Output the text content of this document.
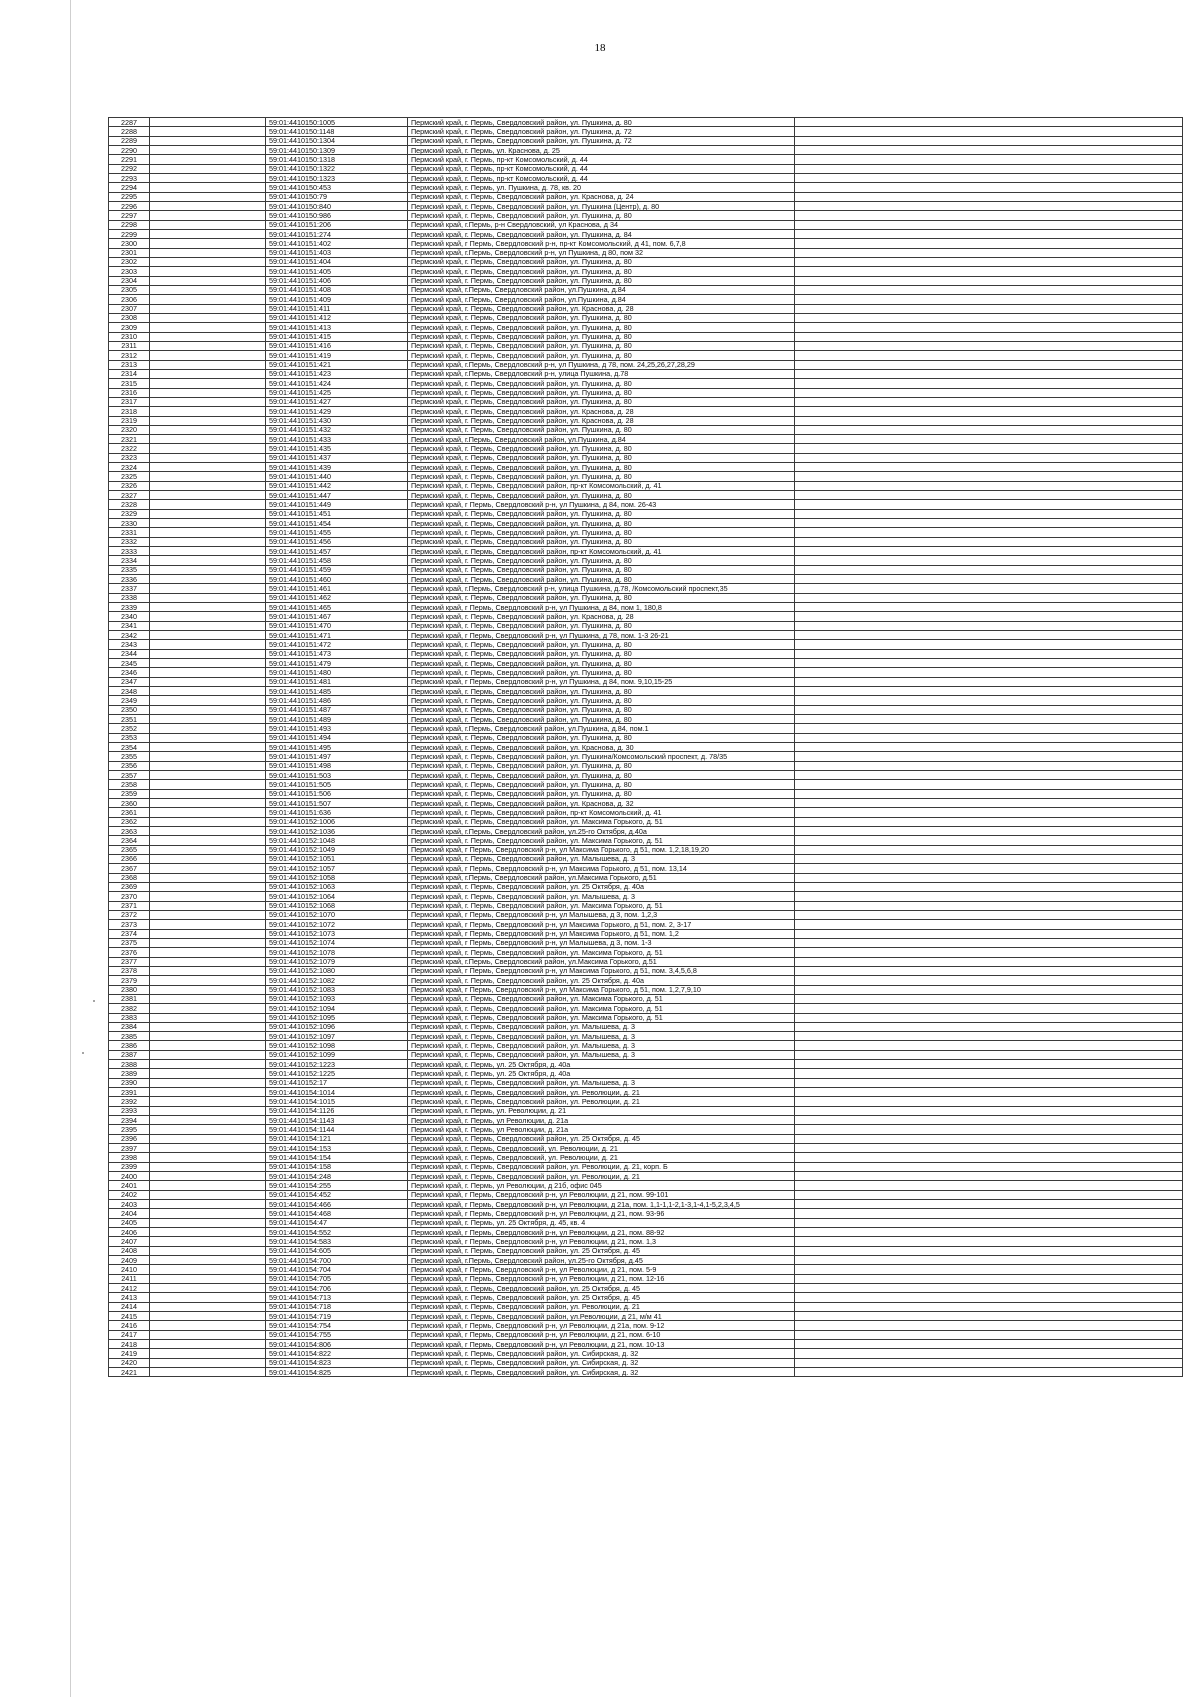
18
2287		59:01:4410150:1005	Пермский край, г. Пермь, Свердловский район, ул. Пушкина, д. 80	
2288		59:01:4410150:1148	Пермский край, г. Пермь, Свердловский район, ул. Пушкина, д. 72	
2289		59:01:4410150:1304	Пермский край, г. Пермь, Свердловский район, ул. Пушкина, д. 72	
2290		59:01:4410150:1309	Пермский край, г. Пермь, ул. Краснова, д. 25	
2291		59:01:4410150:1318	Пермский край, г. Пермь, пр-кт Комсомольский, д. 44	
2292		59:01:4410150:1322	Пермский край, г. Пермь, пр-кт Комсомольский, д. 44	
2293		59:01:4410150:1323	Пермский край, г. Пермь, пр-кт Комсомольский, д. 44	
2294		59:01:4410150:453	Пермский край, г. Пермь, ул. Пушкина, д. 78, кв. 20	
2295		59:01:4410150:79	Пермский край, г. Пермь, Свердловский район, ул. Краснова, д. 24	
2296		59:01:4410150:840	Пермский край, г. Пермь, Свердловский район, ул. Пушкина (Центр), д. 80	
2297		59:01:4410150:986	Пермский край, г. Пермь, Свердловский район, ул. Пушкина, д. 80	
2298		59:01:4410151:206	Пермский край, г.Пермь, р-н Свердловский, ул Краснова, д 34	
2299		59:01:4410151:274	Пермский край, г. Пермь, Свердловский район, ул. Пушкина, д. 84	
2300		59:01:4410151:402	Пермский край, г Пермь, Свердловский р-н, пр-кт Комсомольский, д 41, пом. 6,7,8	
2301		59:01:4410151:403	Пермский край, г.Пермь, Свердловский р-н, ул Пушкина, д 80, пом 32	
2302		59:01:4410151:404	Пермский край, г. Пермь, Свердловский район, ул. Пушкина, д. 80	
2303		59:01:4410151:405	Пермский край, г. Пермь, Свердловский район, ул. Пушкина, д. 80	
2304		59:01:4410151:406	Пермский край, г. Пермь, Свердловский район, ул. Пушкина, д. 80	
2305		59:01:4410151:408	Пермский край, г.Пермь, Свердловский район, ул.Пушкина, д.84	
2306		59:01:4410151:409	Пермский край, г.Пермь, Свердловский район, ул.Пушкина, д.84	
2307		59:01:4410151:411	Пермский край, г. Пермь, Свердловский район, ул. Краснова, д. 28	
2308		59:01:4410151:412	Пермский край, г. Пермь, Свердловский район, ул. Пушкина, д. 80	
2309		59:01:4410151:413	Пермский край, г. Пермь, Свердловский район, ул. Пушкина, д. 80	
2310		59:01:4410151:415	Пермский край, г. Пермь, Свердловский район, ул. Пушкина, д. 80	
2311		59:01:4410151:416	Пермский край, г. Пермь, Свердловский район, ул. Пушкина, д. 80	
2312		59:01:4410151:419	Пермский край, г. Пермь, Свердловский район, ул. Пушкина, д. 80	
2313		59:01:4410151:421	Пермский край, г.Пермь, Свердловский р-н, ул Пушкина, д 78, пом. 24,25,26,27,28,29	
2314		59:01:4410151:423	Пермский край, г.Пермь, Свердловский р-н, улица Пушкина, д.78	
2315		59:01:4410151:424	Пермский край, г. Пермь, Свердловский район, ул. Пушкина, д. 80	
2316		59:01:4410151:425	Пермский край, г. Пермь, Свердловский район, ул. Пушкина, д. 80	
2317		59:01:4410151:427	Пермский край, г. Пермь, Свердловский район, ул. Пушкина, д. 80	
2318		59:01:4410151:429	Пермский край, г. Пермь, Свердловский район, ул. Краснова, д. 28	
2319		59:01:4410151:430	Пермский край, г. Пермь, Свердловский район, ул. Краснова, д. 28	
2320		59:01:4410151:432	Пермский край, г. Пермь, Свердловский район, ул. Пушкина, д. 80	
2321		59:01:4410151:433	Пермский край, г.Пермь, Свердловский район, ул.Пушкина, д.84	
2322		59:01:4410151:435	Пермский край, г. Пермь, Свердловский район, ул. Пушкина, д. 80	
2323		59:01:4410151:437	Пермский край, г. Пермь, Свердловский район, ул. Пушкина, д. 80	
2324		59:01:4410151:439	Пермский край, г. Пермь, Свердловский район, ул. Пушкина, д. 80	
2325		59:01:4410151:440	Пермский край, г. Пермь, Свердловский район, ул. Пушкина, д. 80	
2326		59:01:4410151:442	Пермский край, г. Пермь, Свердловский район, пр-кт Комсомольский, д. 41	
2327		59:01:4410151:447	Пермский край, г. Пермь, Свердловский район, ул. Пушкина, д. 80	
2328		59:01:4410151:449	Пермский край, г Пермь, Свердловский р-н, ул Пушкина, д 84, пом. 26-43	
2329		59:01:4410151:451	Пермский край, г. Пермь, Свердловский район, ул. Пушкина, д. 80	
2330		59:01:4410151:454	Пермский край, г. Пермь, Свердловский район, ул. Пушкина, д. 80	
2331		59:01:4410151:455	Пермский край, г. Пермь, Свердловский район, ул. Пушкина, д. 80	
2332		59:01:4410151:456	Пермский край, г. Пермь, Свердловский район, ул. Пушкина, д. 80	
2333		59:01:4410151:457	Пермский край, г. Пермь, Свердловский район, пр-кт Комсомольский, д. 41	
2334		59:01:4410151:458	Пермский край, г. Пермь, Свердловский район, ул. Пушкина, д. 80	
2335		59:01:4410151:459	Пермский край, г. Пермь, Свердловский район, ул. Пушкина, д. 80	
2336		59:01:4410151:460	Пермский край, г. Пермь, Свердловский район, ул. Пушкина, д. 80	
2337		59:01:4410151:461	Пермский край, г.Пермь, Свердловский р-н, улица Пушкина, д.78, /Комсомольский проспект,35	
2338		59:01:4410151:462	Пермский край, г. Пермь, Свердловский район, ул. Пушкина, д. 80	
2339		59:01:4410151:465	Пермский край, г Пермь, Свердловский р-н, ул Пушкина, д 84, пом 1, 180,8	
2340		59:01:4410151:467	Пермский край, г. Пермь, Свердловский район, ул. Краснова, д. 28	
2341		59:01:4410151:470	Пермский край, г. Пермь, Свердловский район, ул. Пушкина, д. 80	
2342		59:01:4410151:471	Пермский край, г Пермь, Свердловский р-н, ул Пушкина, д 78, пом. 1-3 26-21	
2343		59:01:4410151:472	Пермский край, г. Пермь, Свердловский район, ул. Пушкина, д. 80	
2344		59:01:4410151:473	Пермский край, г. Пермь, Свердловский район, ул. Пушкина, д. 80	
2345		59:01:4410151:479	Пермский край, г. Пермь, Свердловский район, ул. Пушкина, д. 80	
2346		59:01:4410151:480	Пермский край, г. Пермь, Свердловский район, ул. Пушкина, д. 80	
2347		59:01:4410151:481	Пермский край, г Пермь, Свердловский р-н, ул Пушкина, д 84, пом. 9,10,15-25	
2348		59:01:4410151:485	Пермский край, г. Пермь, Свердловский район, ул. Пушкина, д. 80	
2349		59:01:4410151:486	Пермский край, г. Пермь, Свердловский район, ул. Пушкина, д. 80	
2350		59:01:4410151:487	Пермский край, г. Пермь, Свердловский район, ул. Пушкина, д. 80	
2351		59:01:4410151:489	Пермский край, г. Пермь, Свердловский район, ул. Пушкина, д. 80	
2352		59:01:4410151:493	Пермский край, г.Пермь, Свердловский район, ул.Пушкина, д.84, пом.1	
2353		59:01:4410151:494	Пермский край, г. Пермь, Свердловский район, ул. Пушкина, д. 80	
2354		59:01:4410151:495	Пермский край, г. Пермь, Свердловский район, ул. Краснова, д. 30	
2355		59:01:4410151:497	Пермский край, г. Пермь, Свердловский район, ул. Пушкина/Комсомольский проспект, д. 78/35	
2356		59:01:4410151:498	Пермский край, г. Пермь, Свердловский район, ул. Пушкина, д. 80	
2357		59:01:4410151:503	Пермский край, г. Пермь, Свердловский район, ул. Пушкина, д. 80	
2358		59:01:4410151:505	Пермский край, г. Пермь, Свердловский район, ул. Пушкина, д. 80	
2359		59:01:4410151:506	Пермский край, г. Пермь, Свердловский район, ул. Пушкина, д. 80	
2360		59:01:4410151:507	Пермский край, г. Пермь, Свердловский район, ул. Краснова, д. 32	
2361		59:01:4410151:636	Пермский край, г. Пермь, Свердловский район, пр-кт Комсомольский, д. 41	
2362		59:01:4410152:1006	Пермский край, г. Пермь, Свердловский район, ул. Максима Горького, д. 51	
2363		59:01:4410152:1036	Пермский край, г.Пермь, Свердловский район, ул.25-го Октября, д.40а	
2364		59:01:4410152:1048	Пермский край, г. Пермь, Свердловский район, ул. Максима Горького, д. 51	
2365		59:01:4410152:1049	Пермский край, г Пермь, Свердловский р-н, ул Максима Горького, д 51, пом. 1,2,18,19,20	
2366		59:01:4410152:1051	Пермский край, г. Пермь, Свердловский район, ул. Малышева, д. 3	
2367		59:01:4410152:1057	Пермский край, г Пермь, Свердловский р-н, ул Максима Горького, д 51, пом. 13,14	
2368		59:01:4410152:1058	Пермский край, г.Пермь, Свердловский район, ул.Максима Горького, д.51	
2369		59:01:4410152:1063	Пермский край, г. Пермь, Свердловский район, ул. 25 Октября, д. 40а	
2370		59:01:4410152:1064	Пермский край, г. Пермь, Свердловский район, ул. Малышева, д. 3	
2371		59:01:4410152:1068	Пермский край, г. Пермь, Свердловский район, ул. Максима Горького, д. 51	
2372		59:01:4410152:1070	Пермский край, г Пермь, Свердловский р-н, ул Малышева, д 3, пом. 1,2,3	
2373		59:01:4410152:1072	Пермский край, г Пермь, Свердловский р-н, ул Максима Горького, д 51, пом. 2, 3-17	
2374		59:01:4410152:1073	Пермский край, г Пермь, Свердловский р-н, ул Максима Горького, д 51, пом. 1,2	
2375		59:01:4410152:1074	Пермский край, г Пермь, Свердловский р-н, ул Малышева, д 3, пом. 1-3	
2376		59:01:4410152:1078	Пермский край, г. Пермь, Свердловский район, ул. Максима Горького, д. 51	
2377		59:01:4410152:1079	Пермский край, г.Пермь, Свердловский район, ул.Максима Горького, д.51	
2378		59:01:4410152:1080	Пермский край, г Пермь, Свердловский р-н, ул Максима Горького, д 51, пом. 3,4,5,6,8	
2379		59:01:4410152:1082	Пермский край, г. Пермь, Свердловский район, ул. 25 Октября, д. 40а	
2380		59:01:4410152:1083	Пермский край, г Пермь, Свердловский р-н, ул Максима Горького, д 51, пом. 1,2,7,9,10	
2381		59:01:4410152:1093	Пермский край, г. Пермь, Свердловский район, ул. Максима Горького, д. 51	
2382		59:01:4410152:1094	Пермский край, г. Пермь, Свердловский район, ул. Максима Горького, д. 51	
2383		59:01:4410152:1095	Пермский край, г. Пермь, Свердловский район, ул. Максима Горького, д. 51	
2384		59:01:4410152:1096	Пермский край, г. Пермь, Свердловский район, ул. Малышева, д. 3	
2385		59:01:4410152:1097	Пермский край, г. Пермь, Свердловский район, ул. Малышева, д. 3	
2386		59:01:4410152:1098	Пермский край, г. Пермь, Свердловский район, ул. Малышева, д. 3	
2387		59:01:4410152:1099	Пермский край, г. Пермь, Свердловский район, ул. Малышева, д. 3	
2388		59:01:4410152:1223	Пермский край, г. Пермь, ул. 25 Октября, д. 40а	
2389		59:01:4410152:1225	Пермский край, г. Пермь, ул. 25 Октября, д. 40а	
2390		59:01:4410152:17	Пермский край, г. Пермь, Свердловский район, ул. Малышева, д. 3	
2391		59:01:4410154:1014	Пермский край, г. Пермь, Свердловский район, ул. Революции, д. 21	
2392		59:01:4410154:1015	Пермский край, г. Пермь, Свердловский район, ул. Революции, д. 21	
2393		59:01:4410154:1126	Пермский край, г. Пермь, ул. Революции, д. 21	
2394		59:01:4410154:1143	Пермский край, г. Пермь, ул Революции, д. 21а	
2395		59:01:4410154:1144	Пермский край, г. Пермь, ул Революции, д. 21а	
2396		59:01:4410154:121	Пермский край, г. Пермь, Свердловский район, ул. 25 Октября, д. 45	
2397		59:01:4410154:153	Пермский край, г. Пермь, Свердловский, ул. Революции, д. 21	
2398		59:01:4410154:154	Пермский край, г. Пермь, Свердловский, ул. Революции, д. 21	
2399		59:01:4410154:158	Пермский край, г. Пермь, Свердловский район, ул. Революции, д. 21, корп. Б	
2400		59:01:4410154:248	Пермский край, г. Пермь, Свердловский район, ул. Революции, д. 21	
2401		59:01:4410154:255	Пермский край, г. Пермь, ул Революции, д 21б, офис 045	
2402		59:01:4410154:452	Пермский край, г Пермь, Свердловский р-н, ул Революции, д 21, пом. 99-101	
2403		59:01:4410154:466	Пермский край, г Пермь, Свердловский р-н, ул Революции, д 21а, пом. 1,1-1,1-2,1-3,1-4,1-5,2,3,4,5	
2404		59:01:4410154:468	Пермский край, г Пермь, Свердловский р-н, ул Революции, д 21, пом. 93-96	
2405		59:01:4410154:47	Пермский край, г. Пермь, ул. 25 Октября, д. 45, кв. 4	
2406		59:01:4410154:552	Пермский край, г Пермь, Свердловский р-н, ул Революции, д 21, пом. 88-92	
2407		59:01:4410154:583	Пермский край, г Пермь, Свердловский р-н, ул Революции, д 21, пом. 1,3	
2408		59:01:4410154:605	Пермский край, г. Пермь, Свердловский район, ул. 25 Октября, д. 45	
2409		59:01:4410154:700	Пермский край, г.Пермь, Свердловский район, ул.25-го Октября, д.45	
2410		59:01:4410154:704	Пермский край, г Пермь, Свердловский р-н, ул Революции, д 21, пом. 5-9	
2411		59:01:4410154:705	Пермский край, г Пермь, Свердловский р-н, ул Революции, д 21, пом. 12-16	
2412		59:01:4410154:706	Пермский край, г. Пермь, Свердловский район, ул. 25 Октября, д. 45	
2413		59:01:4410154:713	Пермский край, г. Пермь, Свердловский район, ул. 25 Октября, д. 45	
2414		59:01:4410154:718	Пермский край, г. Пермь, Свердловский район, ул. Революции, д. 21	
2415		59:01:4410154:719	Пермский край, г. Пермь, Свердловский район, ул.Революции, д 21, м/м 41	
2416		59:01:4410154:754	Пермский край, г Пермь, Свердловский р-н, ул Революции, д 21а, пом. 9-12	
2417		59:01:4410154:755	Пермский край, г Пермь, Свердловский р-н, ул Революции, д 21, пом. 6-10	
2418		59:01:4410154:806	Пермский край, г Пермь, Свердловский р-н, ул Революции, д 21, пом. 10-13	
2419		59:01:4410154:822	Пермский край, г. Пермь, Свердловский район, ул. Сибирская, д. 32	
2420		59:01:4410154:823	Пермский край, г. Пермь, Свердловский район, ул. Сибирская, д. 32	
2421		59:01:4410154:825	Пермский край, г. Пермь, Свердловский район, ул. Сибирская, д. 32	
